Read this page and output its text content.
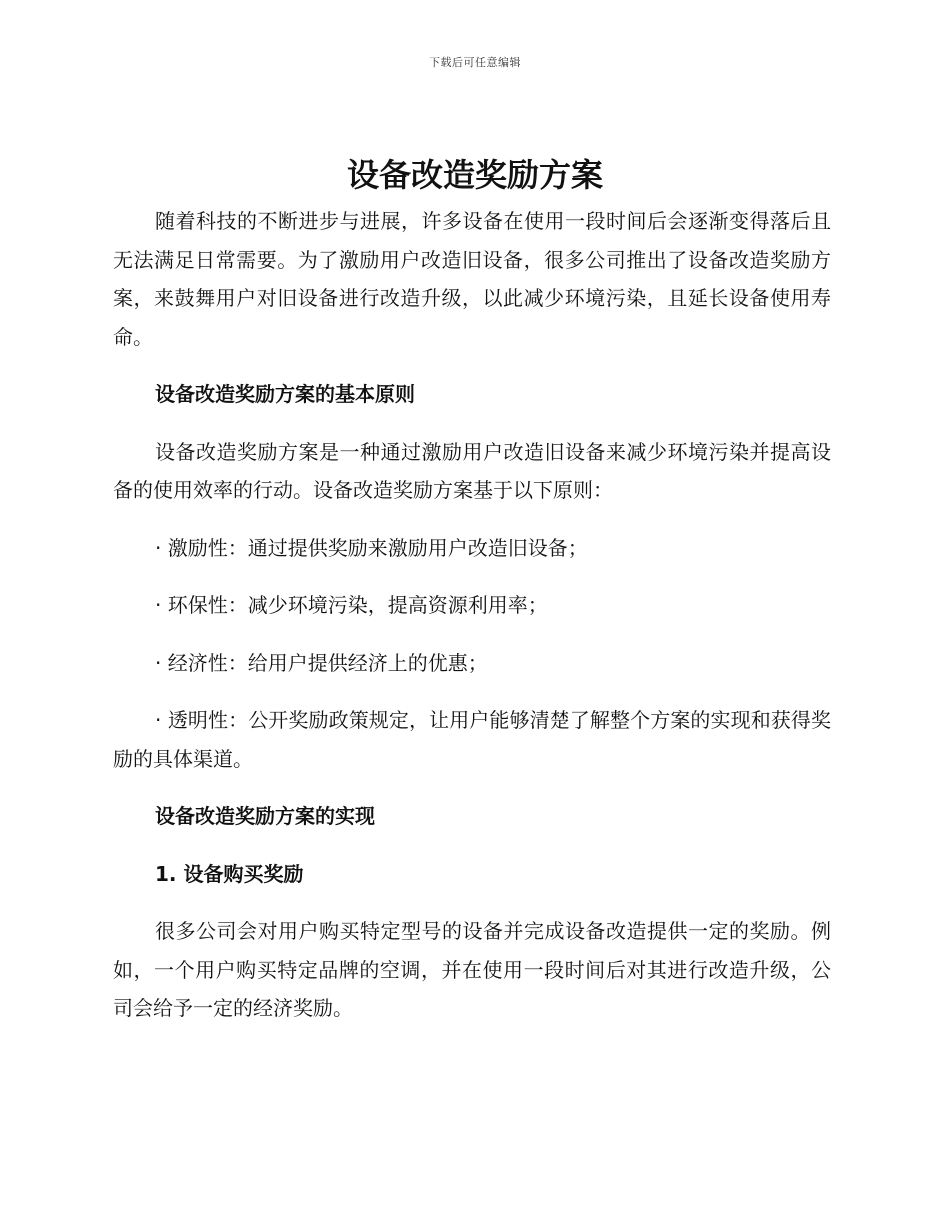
下载后可任意编辑
设备改造奖励方案

随着科技的不断进步与进展，许多设备在使用一段时间后会逐渐变得落后且无法满足日常需要。为了激励用户改造旧设备，很多公司推出了设备改造奖励方案，来鼓舞用户对旧设备进行改造升级，以此减少环境污染，且延长设备使用寿命。

设备改造奖励方案的基本原则

设备改造奖励方案是一种通过激励用户改造旧设备来减少环境污染并提高设备的使用效率的行动。设备改造奖励方案基于以下原则：

· 激励性：通过提供奖励来激励用户改造旧设备；

· 环保性：减少环境污染，提高资源利用率；

· 经济性：给用户提供经济上的优惠；

· 透明性：公开奖励政策规定，让用户能够清楚了解整个方案的实现和获得奖励的具体渠道。

设备改造奖励方案的实现

1. 设备购买奖励

很多公司会对用户购买特定型号的设备并完成设备改造提供一定的奖励。例如，一个用户购买特定品牌的空调，并在使用一段时间后对其进行改造升级，公司会给予一定的经济奖励。
